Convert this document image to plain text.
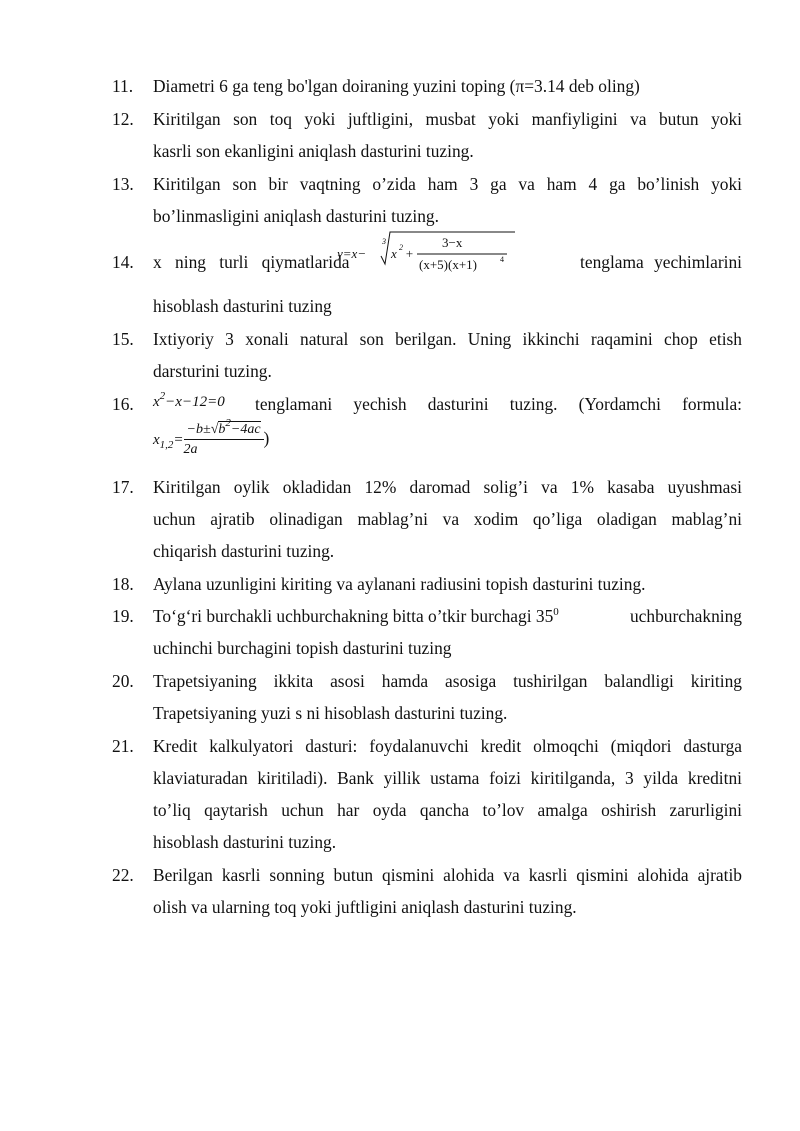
11.	Diametri 6 ga teng bo'lgan doiraning yuzini toping (π=3.14 deb oling)
12.	Kiritilgan son toq yoki juftligini, musbat yoki manfiyligini va butun yoki
kasrli son ekanligini aniqlash dasturini tuzing.
13.	Kiritilgan son bir vaqtning o’zida ham 3 ga va ham 4 ga bo’linish yoki
bo’linmasligini aniqlash dasturini tuzing.
14.	x ning turli qiymatlarida
y=x−
3
x 2 +
3−x
(x+5)(x+1)	4	tenglama yechimlarini
hisoblash dasturini tuzing
15.	Ixtiyoriy 3 xonali natural son berilgan. Uning ikkinchi raqamini chop etish
darsturini tuzing.
16.	$x^2-x-12=0$	tenglamani yechish dasturini tuzing. (Yordamchi formula:
$x_{1,2}= \frac{-b\pm√b^2-4ac}{2a}$ )
17.	Kiritilgan oylik okladidan 12% daromad solig’i va 1% kasaba uyushmasi
uchun ajratib olinadigan mablag’ni va xodim qo’liga oladigan mablag’ni
chiqarish dasturini tuzing.
18.	Aylana uzunligini kiriting va aylanani radiusini topish dasturini tuzing.
19.	To‘g‘ri burchakli uchburchakning bitta o’tkir burchagi $35^0$	uchburchakning
uchinchi burchagini topish dasturini tuzing
20.	Trapetsiyaning ikkita asosi hamda asosiga tushirilgan balandligi kiriting
Trapetsiyaning yuzi s ni hisoblash dasturini tuzing.
21.	Kredit kalkulyatori dasturi: foydalanuvchi kredit olmoqchi (miqdori dasturga
klaviaturadan kiritiladi). Bank yillik ustama foizi kiritilganda, 3 yilda kreditni
to’liq qaytarish uchun har oyda qancha to’lov amalga oshirish zarurligini
hisoblash dasturini tuzing.
22.	Berilgan kasrli sonning butun qismini alohida va kasrli qismini alohida ajratib
olish va ularning toq yoki juftligini aniqlash dasturini tuzing.
